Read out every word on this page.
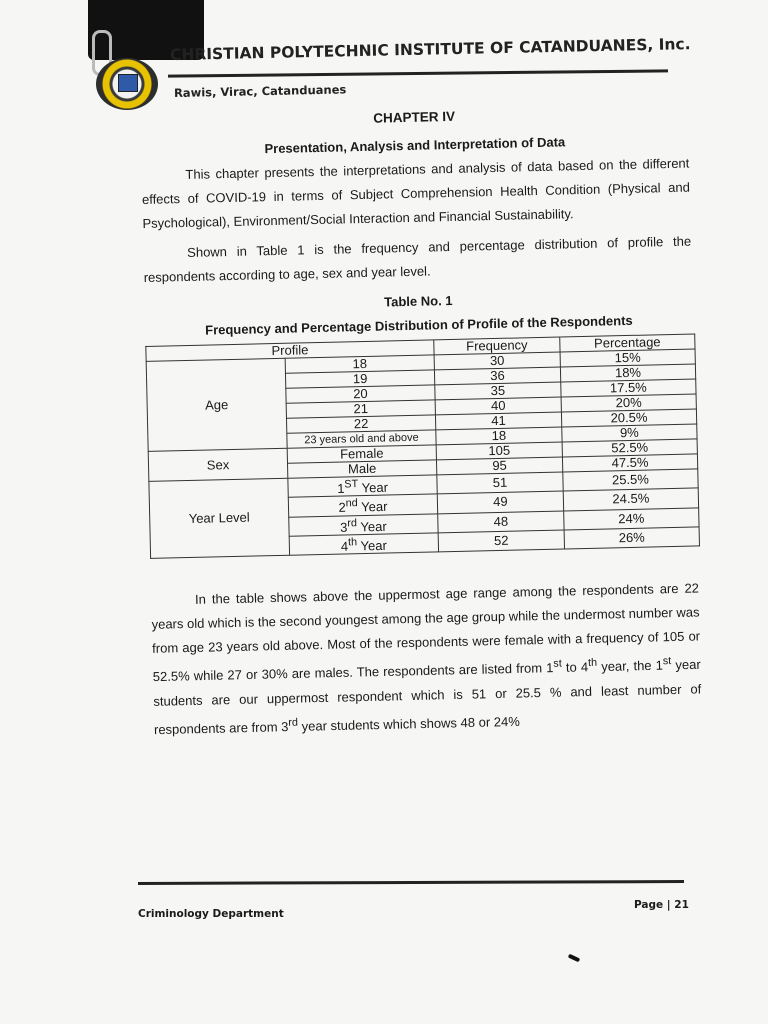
CHRISTIAN POLYTECHNIC INSTITUTE OF CATANDUANES, Inc.
Rawis, Virac, Catanduanes
CHAPTER IV
Presentation, Analysis and Interpretation of Data

This chapter presents the interpretations and analysis of data based on the different effects of COVID-19 in terms of Subject Comprehension Health Condition (Physical and Psychological), Environment/Social Interaction and Financial Sustainability.

Shown in Table 1 is the frequency and percentage distribution of profile the respondents according to age, sex and year level.

Table No. 1
Frequency and Percentage Distribution of Profile of the Respondents
Profile		Frequency	Percentage
Age	18	30	15%
	19	36	18%
	20	35	17.5%
	21	40	20%
	22	41	20.5%
	23 years old and above	18	9%
Sex	Female	105	52.5%
	Male	95	47.5%
Year Level	1ST Year	51	25.5%
	2nd Year	49	24.5%
	3rd Year	48	24%
	4th Year	52	26%

In the table shows above the uppermost age range among the respondents are 22 years old which is the second youngest among the age group while the undermost number was from age 23 years old above. Most of the respondents were female with a frequency of 105 or 52.5% while 27 or 30% are males. The respondents are listed from 1st to 4th year, the 1st year students are our uppermost respondent which is 51 or 25.5 % and least number of respondents are from 3rd year students which shows 48 or 24%

Criminology Department
Page | 21
